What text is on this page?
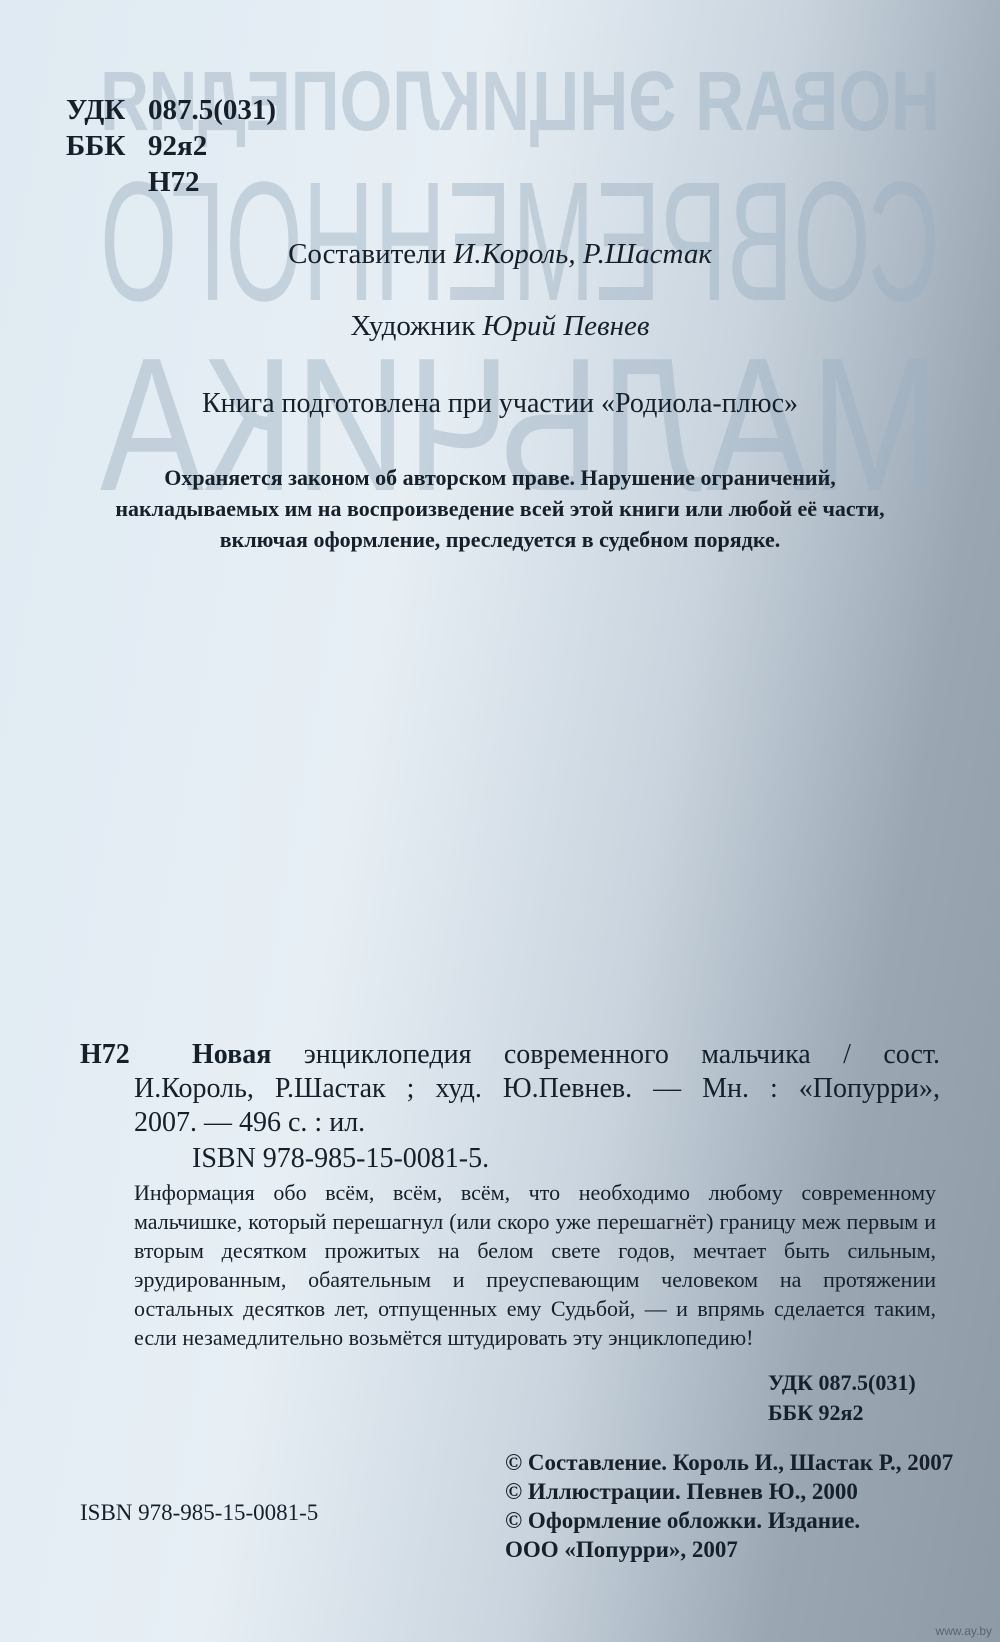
НОВАЯ ЭНЦИКЛОПЕДИЯ
СОВРЕМЕННОГО
МАЛЬЧИКА
УДК 087.5(031)
ББК 92я2
Н72
Составители И.Король, Р.Шастак
Художник Юрий Певнев
Книга подготовлена при участии «Родиола-плюс»
Охраняется законом об авторском праве. Нарушение ограничений,
накладываемых им на воспроизведение всей этой книги или любой её части,
включая оформление, преследуется в судебном порядке.
Н72 Новая энциклопедия современного мальчика / сост.
И.Король, Р.Шастак ; худ. Ю.Певнев. — Мн. : «Попурри»,
2007. — 496 с. : ил.
ISBN 978-985-15-0081-5.
Информация обо всём, всём, всём, что необходимо любому современному мальчишке, который перешагнул (или скоро уже перешагнёт) границу меж первым и вторым десятком прожитых на белом свете годов, мечтает быть сильным, эрудированным, обаятельным и преуспевающим человеком на протяжении остальных десятков лет, отпущенных ему Судьбой, — и впрямь сделается таким, если незамедлительно возьмётся штудировать эту энциклопедию!
УДК 087.5(031)
ББК 92я2
© Составление. Король И., Шастак Р., 2007
© Иллюстрации. Певнев Ю., 2000
© Оформление обложки. Издание.
ООО «Попурри», 2007
ISBN 978-985-15-0081-5
www.ay.by
